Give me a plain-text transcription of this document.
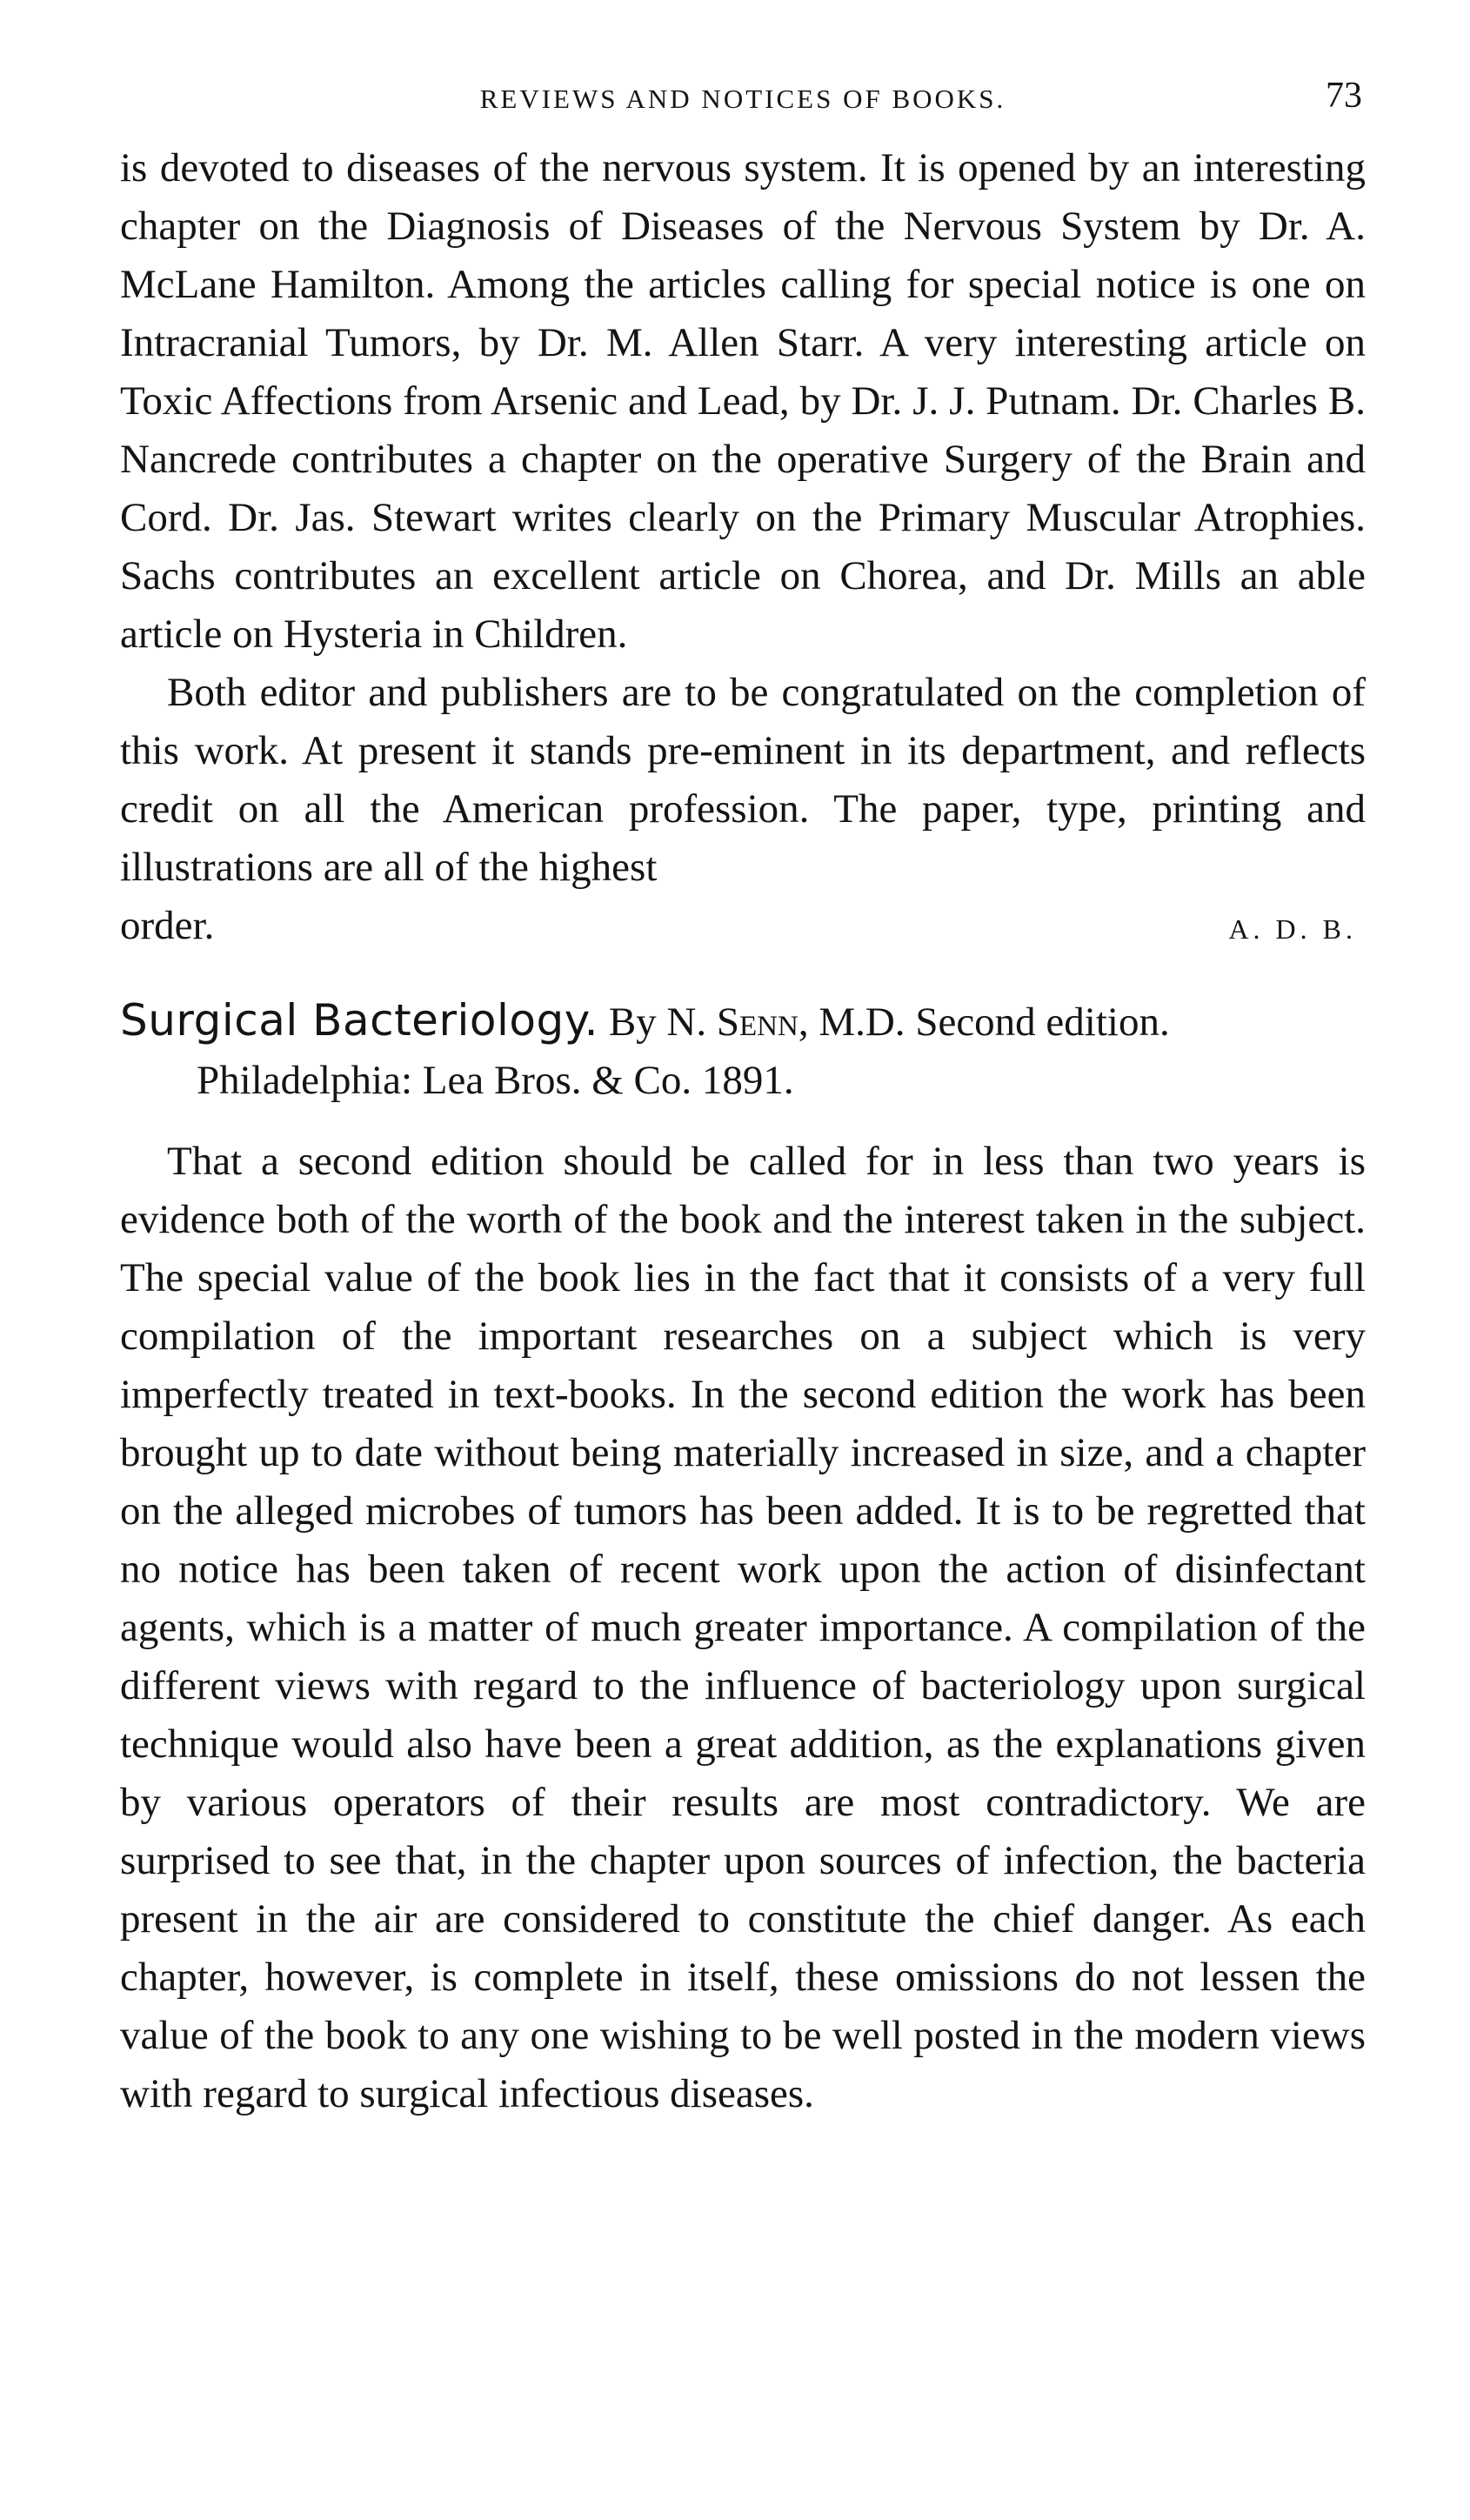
REVIEWS AND NOTICES OF BOOKS.	73

is devoted to diseases of the nervous system. It is opened by an interesting chapter on the Diagnosis of Diseases of the Nervous System by Dr. A. McLane Hamilton. Among the articles calling for special notice is one on Intracranial Tumors, by Dr. M. Allen Starr. A very interesting article on Toxic Affections from Arsenic and Lead, by Dr. J. J. Putnam. Dr. Charles B. Nancrede contributes a chapter on the operative Surgery of the Brain and Cord. Dr. Jas. Stewart writes clearly on the Primary Muscular Atrophies. Sachs contributes an excellent article on Chorea, and Dr. Mills an able article on Hysteria in Children.

Both editor and publishers are to be congratulated on the completion of this work. At present it stands pre-eminent in its department, and reflects credit on all the American profession. The paper, type, printing and illustrations are all of the highest

order.	A. D. B.
Surgical Bacteriology. By N. Senn, M.D. Second edition. Philadelphia: Lea Bros. & Co. 1891.

That a second edition should be called for in less than two years is evidence both of the worth of the book and the interest taken in the subject. The special value of the book lies in the fact that it consists of a very full compilation of the important researches on a subject which is very imperfectly treated in text-books. In the second edition the work has been brought up to date without being materially increased in size, and a chapter on the alleged microbes of tumors has been added. It is to be regretted that no notice has been taken of recent work upon the action of disinfectant agents, which is a matter of much greater importance. A compilation of the different views with regard to the influence of bacteriology upon surgical technique would also have been a great addition, as the explanations given by various operators of their results are most contradictory. We are surprised to see that, in the chapter upon sources of infection, the bacteria present in the air are considered to constitute the chief danger. As each chapter, however, is complete in itself, these omissions do not lessen the value of the book to any one wishing to be well posted in the modern views with regard to surgical infectious diseases.
